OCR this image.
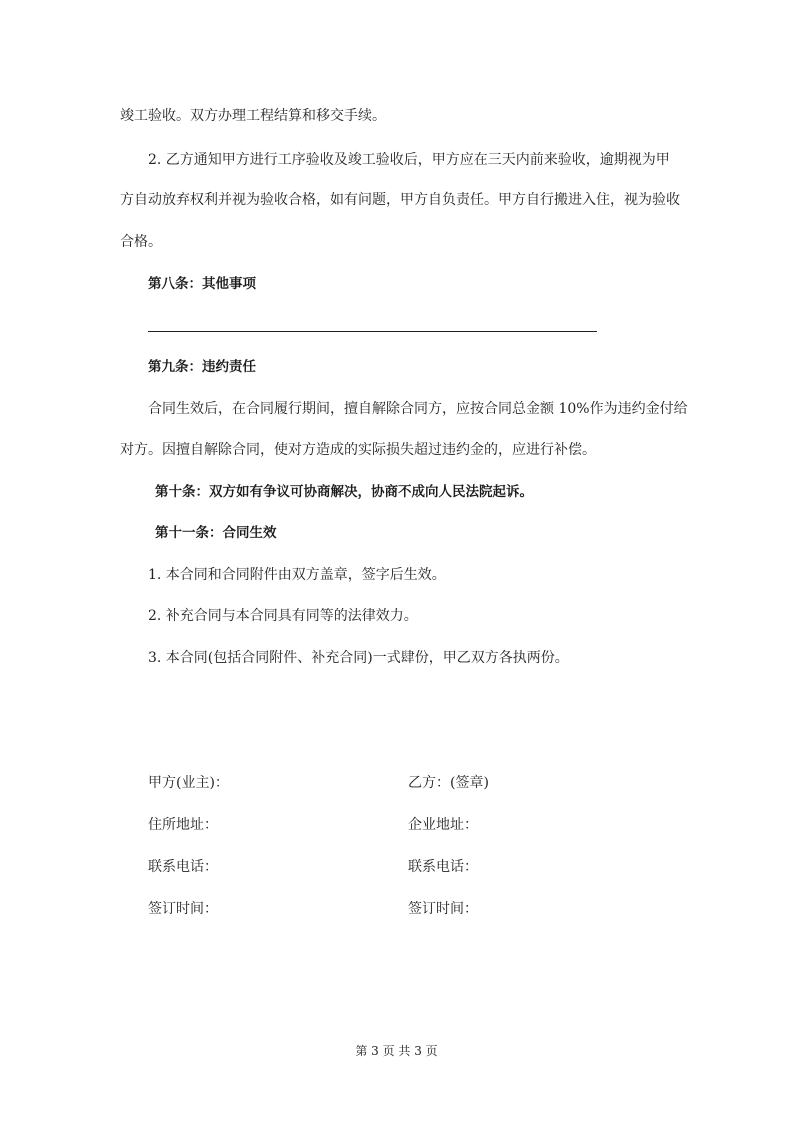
竣工验收。双方办理工程结算和移交手续。
2. 乙方通知甲方进行工序验收及竣工验收后，甲方应在三天内前来验收，逾期视为甲
方自动放弃权利并视为验收合格，如有问题，甲方自负责任。甲方自行搬进入住，视为验收
合格。
第八条：其他事项
第九条：违约责任
合同生效后，在合同履行期间，擅自解除合同方，应按合同总金额 10%作为违约金付给
对方。因擅自解除合同，使对方造成的实际损失超过违约金的，应进行补偿。
第十条：双方如有争议可协商解决，协商不成向人民法院起诉。
第十一条：合同生效
1. 本合同和合同附件由双方盖章，签字后生效。
2. 补充合同与本合同具有同等的法律效力。
3. 本合同(包括合同附件、补充合同)一式肆份，甲乙双方各执两份。
甲方(业主)：	乙方：(签章)
住所地址：	企业地址：
联系电话：	联系电话：
签订时间：	签订时间：
第 3 页 共 3 页
